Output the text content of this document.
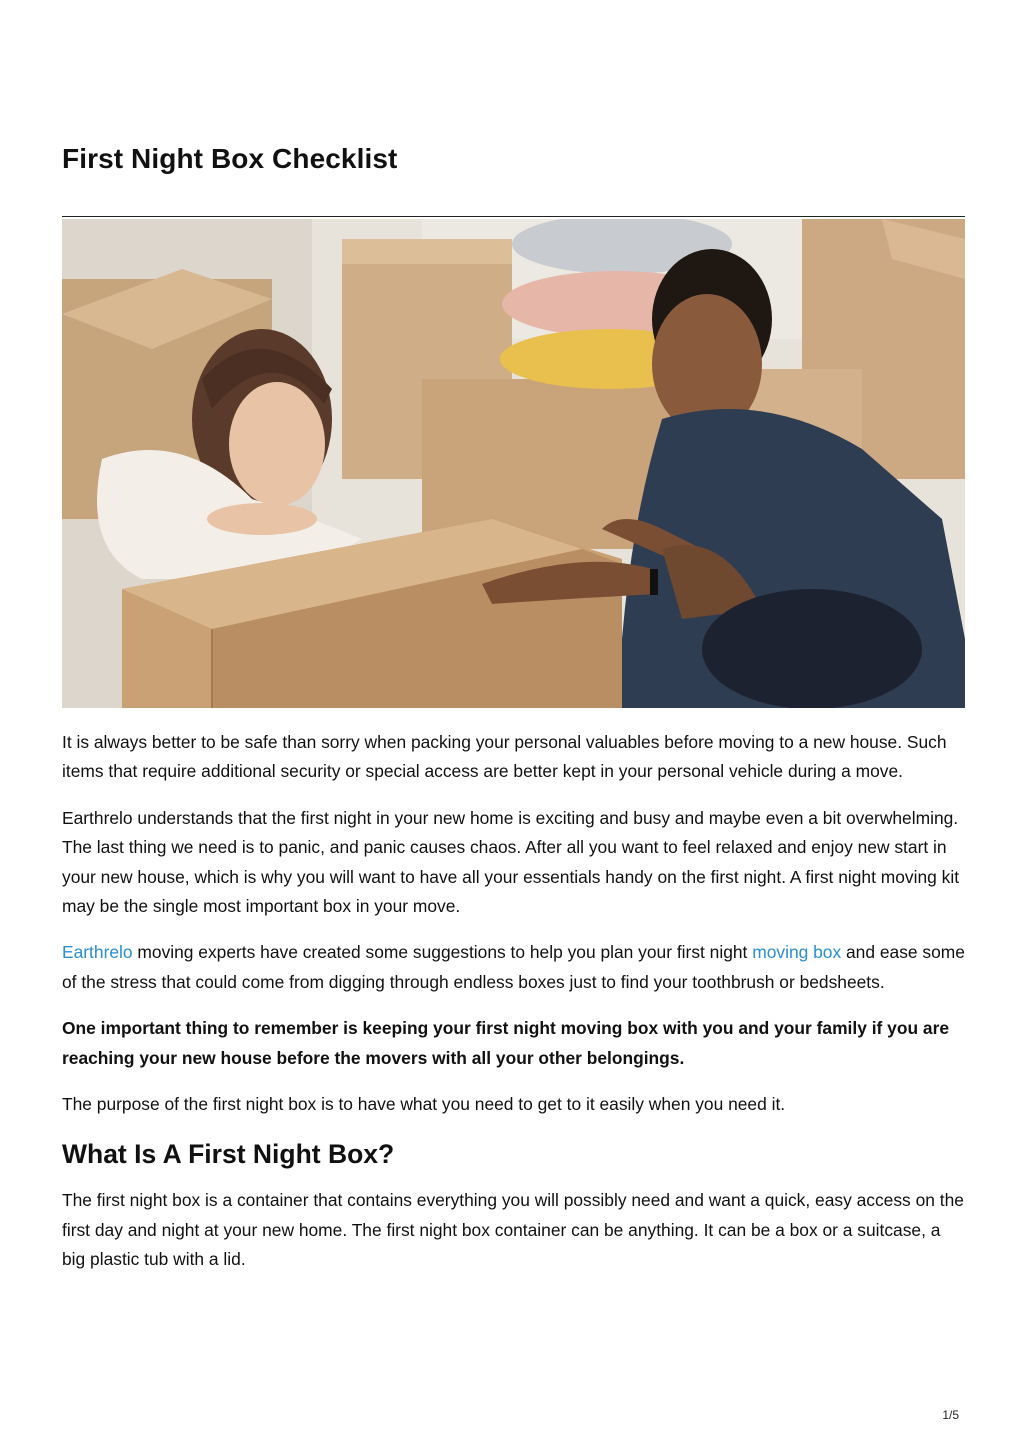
First Night Box Checklist

It is always better to be safe than sorry when packing your personal valuables before moving to a new house. Such items that require additional security or special access are better kept in your personal vehicle during a move.

Earthrelo understands that the first night in your new home is exciting and busy and maybe even a bit overwhelming. The last thing we need is to panic, and panic causes chaos. After all you want to feel relaxed and enjoy new start in your new house, which is why you will want to have all your essentials handy on the first night. A first night moving kit may be the single most important box in your move.

Earthrelo moving experts have created some suggestions to help you plan your first night moving box and ease some of the stress that could come from digging through endless boxes just to find your toothbrush or bedsheets.

One important thing to remember is keeping your first night moving box with you and your family if you are reaching your new house before the movers with all your other belongings.

The purpose of the first night box is to have what you need to get to it easily when you need it.

What Is A First Night Box?

The first night box is a container that contains everything you will possibly need and want a quick, easy access on the first day and night at your new home. The first night box container can be anything. It can be a box or a suitcase, a big plastic tub with a lid.

1/5
